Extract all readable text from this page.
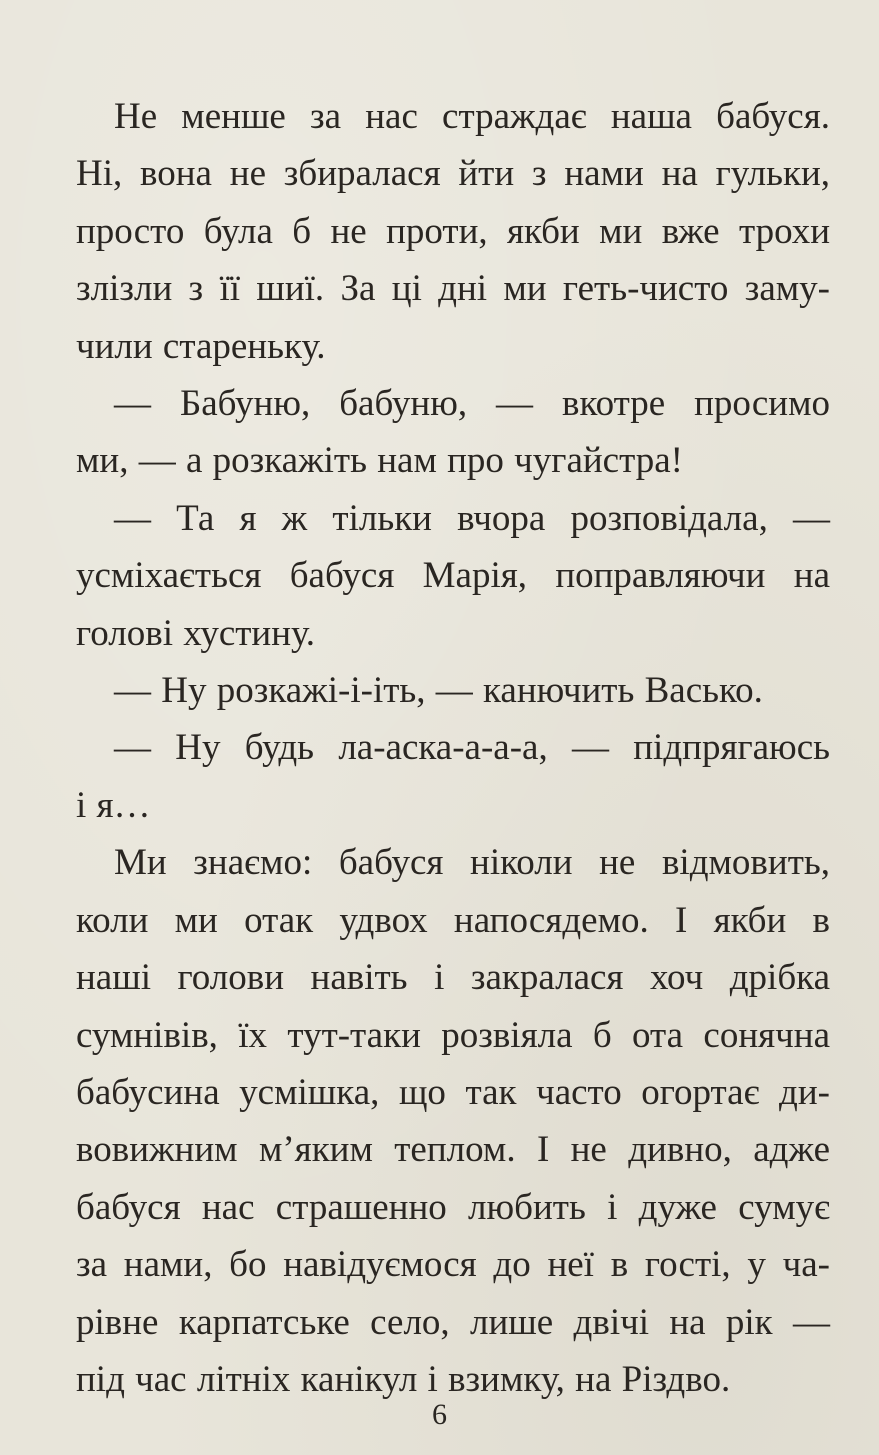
Не менше за нас страждає наша бабуся.
Ні, вона не збиралася йти з нами на гульки,
просто була б не проти, якби ми вже трохи
злізли з її шиї. За ці дні ми геть-чисто заму-
чили стареньку.

— Бабуню, бабуню, — вкотре просимо
ми, — а розкажіть нам про чугайстра!

— Та я ж тільки вчора розповідала, —
усміхається бабуся Марія, поправляючи на
голові хустину.

— Ну розкажі-і-іть, — канючить Васько.

— Ну будь ла-аска-а-а-а, — підпрягаюсь
і я…

Ми знаємо: бабуся ніколи не відмовить,
коли ми отак удвох напосядемо. І якби в
наші голови навіть і закралася хоч дрібка
сумнівів, їх тут-таки розвіяла б ота сонячна
бабусина усмішка, що так часто огортає ди-
вовижним м’яким теплом. І не дивно, адже
бабуся нас страшенно любить і дуже сумує
за нами, бо навідуємося до неї в гості, у ча-
рівне карпатське село, лише двічі на рік —
під час літніх канікул і взимку, на Різдво.

6
